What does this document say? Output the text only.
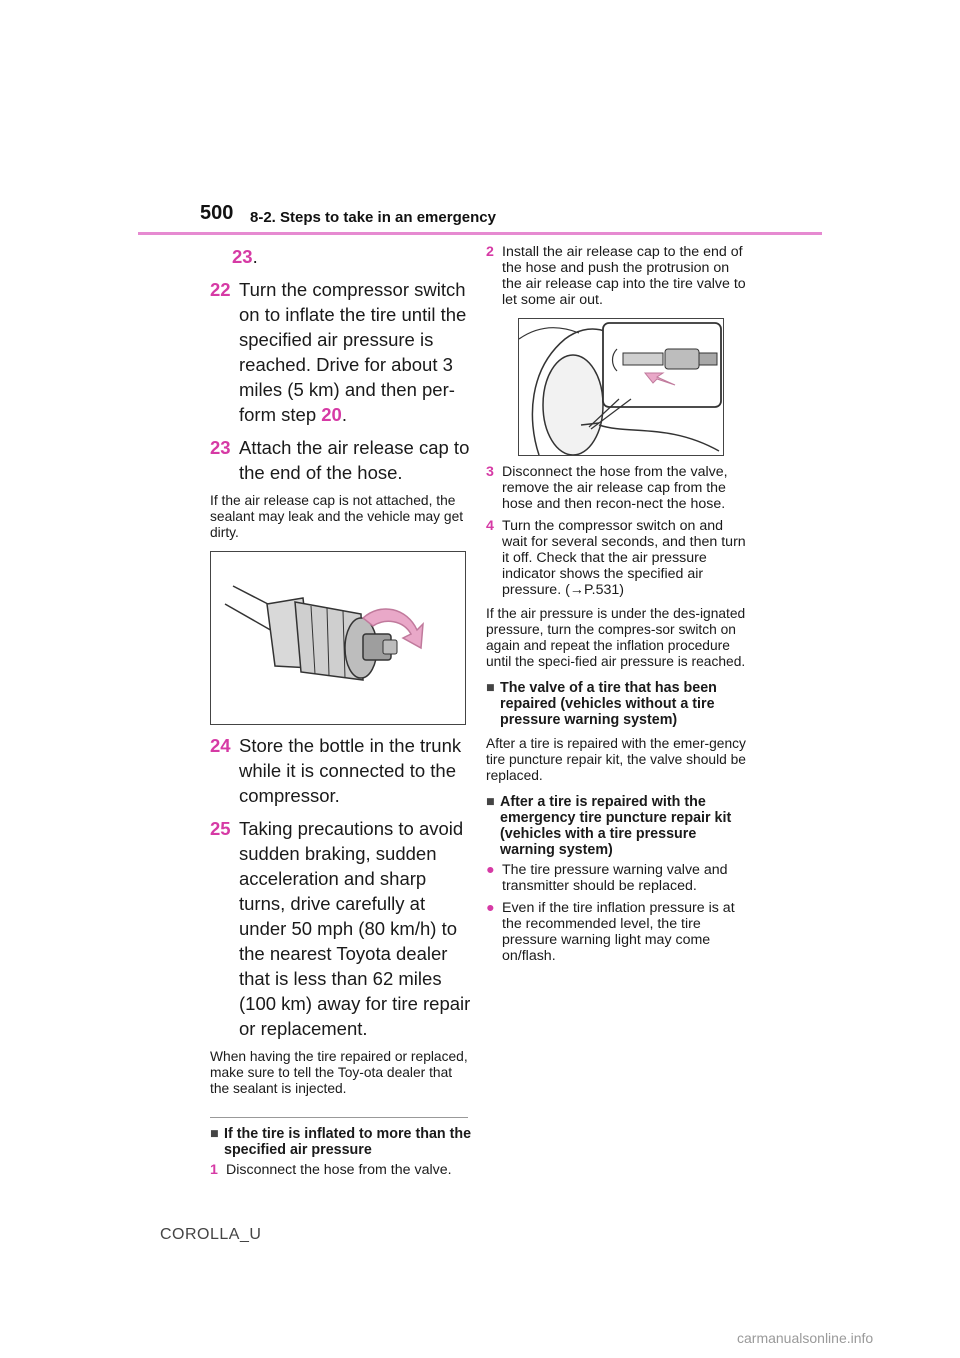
500 8-2. Steps to take in an emergency
23.
22 Turn the compressor switch on to inflate the tire until the specified air pressure is reached. Drive for about 3 miles (5 km) and then per-form step 20.
23 Attach the air release cap to the end of the hose.
If the air release cap is not attached, the sealant may leak and the vehicle may get dirty.
24 Store the bottle in the trunk while it is connected to the compressor.
25 Taking precautions to avoid sudden braking, sudden acceleration and sharp turns, drive carefully at under 50 mph (80 km/h) to the nearest Toyota dealer that is less than 62 miles (100 km) away for tire repair or replacement.
When having the tire repaired or replaced, make sure to tell the Toy-ota dealer that the sealant is injected.
■ If the tire is inflated to more than the specified air pressure
1 Disconnect the hose from the valve.
2 Install the air release cap to the end of the hose and push the protrusion on the air release cap into the tire valve to let some air out.
3 Disconnect the hose from the valve, remove the air release cap from the hose and then recon-nect the hose.
4 Turn the compressor switch on and wait for several seconds, and then turn it off. Check that the air pressure indicator shows the specified air pressure. (→P.531)
If the air pressure is under the des-ignated pressure, turn the compres-sor switch on again and repeat the inflation procedure until the speci-fied air pressure is reached.
■ The valve of a tire that has been repaired (vehicles without a tire pressure warning system)
After a tire is repaired with the emer-gency tire puncture repair kit, the valve should be replaced.
■ After a tire is repaired with the emergency tire puncture repair kit (vehicles with a tire pressure warning system)
● The tire pressure warning valve and transmitter should be replaced.
● Even if the tire inflation pressure is at the recommended level, the tire pressure warning light may come on/flash.
COROLLA_U
carmanualsonline.info
